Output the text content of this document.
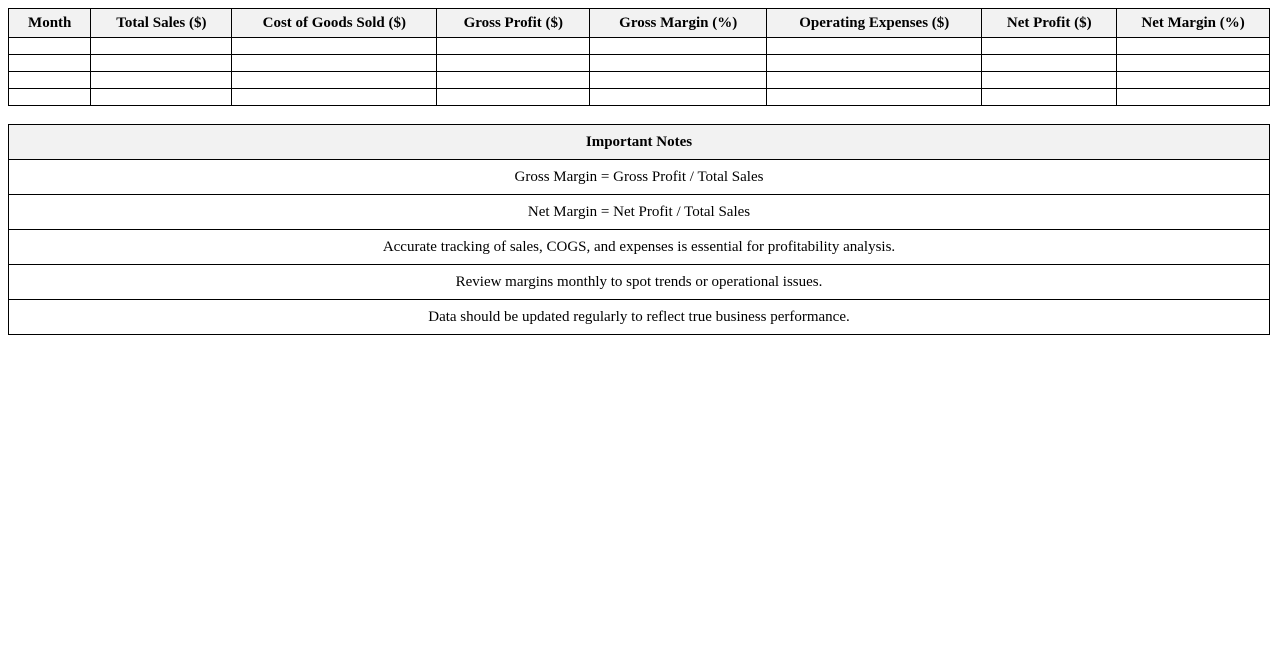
Month	Total Sales ($)	Cost of Goods Sold ($)	Gross Profit ($)	Gross Margin (%)	Operating Expenses ($)	Net Profit ($)	Net Margin (%)

Important Notes
Gross Margin = Gross Profit / Total Sales
Net Margin = Net Profit / Total Sales
Accurate tracking of sales, COGS, and expenses is essential for profitability analysis.
Review margins monthly to spot trends or operational issues.
Data should be updated regularly to reflect true business performance.
